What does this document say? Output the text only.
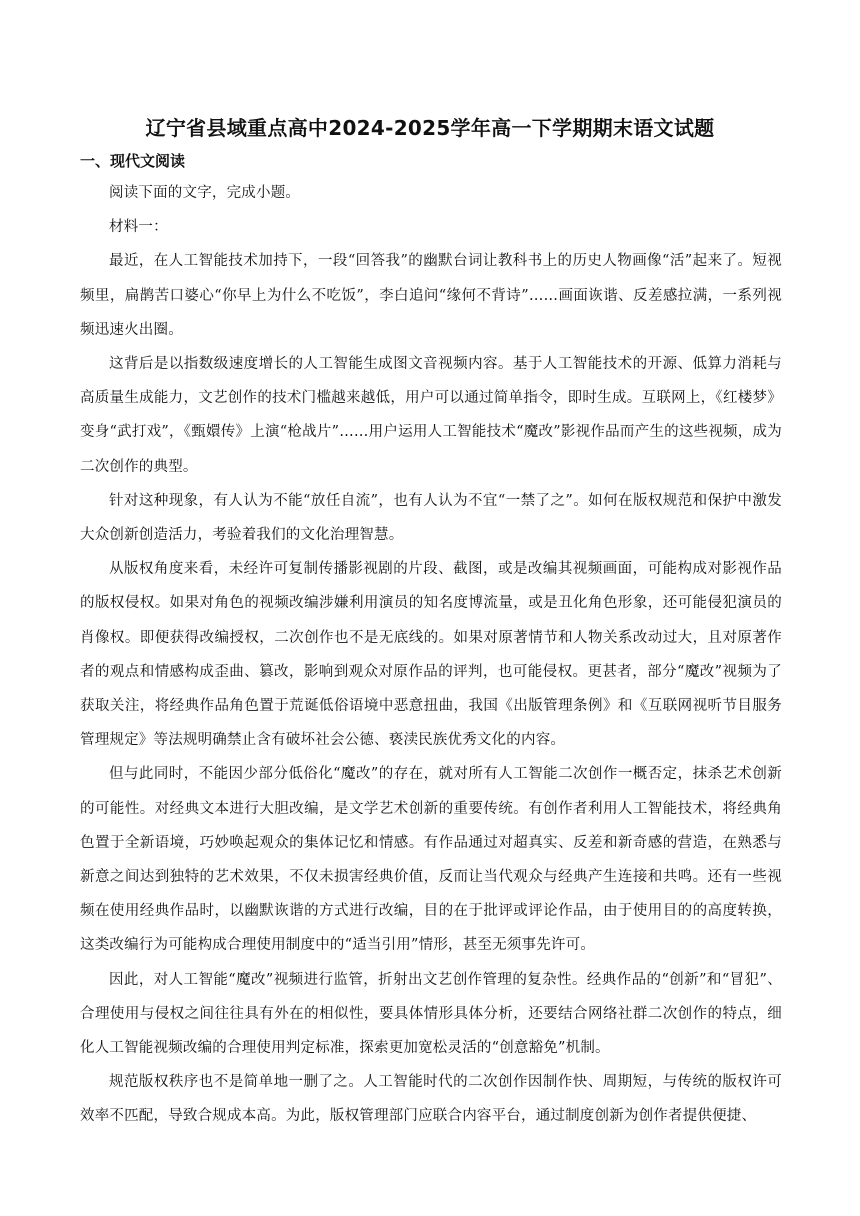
辽宁省县域重点高中2024-2025学年高一下学期期末语文试题
一、现代文阅读

阅读下面的文字，完成小题。

材料一：

最近，在人工智能技术加持下，一段“回答我”的幽默台词让教科书上的历史人物画像“活”起来了。短视频里，扁鹊苦口婆心“你早上为什么不吃饭”，李白追问“缘何不背诗”……画面诙谐、反差感拉满，一系列视频迅速火出圈。

这背后是以指数级速度增长的人工智能生成图文音视频内容。基于人工智能技术的开源、低算力消耗与高质量生成能力，文艺创作的技术门槛越来越低，用户可以通过简单指令，即时生成。互联网上，《红楼梦》变身“武打戏”，《甄嬛传》上演“枪战片”……用户运用人工智能技术“魔改”影视作品而产生的这些视频，成为二次创作的典型。

针对这种现象，有人认为不能“放任自流”，也有人认为不宜“一禁了之”。如何在版权规范和保护中激发大众创新创造活力，考验着我们的文化治理智慧。

从版权角度来看，未经许可复制传播影视剧的片段、截图，或是改编其视频画面，可能构成对影视作品的版权侵权。如果对角色的视频改编涉嫌利用演员的知名度博流量，或是丑化角色形象，还可能侵犯演员的肖像权。即便获得改编授权，二次创作也不是无底线的。如果对原著情节和人物关系改动过大，且对原著作者的观点和情感构成歪曲、篡改，影响到观众对原作品的评判，也可能侵权。更甚者，部分“魔改”视频为了获取关注，将经典作品角色置于荒诞低俗语境中恶意扭曲，我国《出版管理条例》和《互联网视听节目服务管理规定》等法规明确禁止含有破坏社会公德、亵渎民族优秀文化的内容。

但与此同时，不能因少部分低俗化“魔改”的存在，就对所有人工智能二次创作一概否定，抹杀艺术创新的可能性。对经典文本进行大胆改编，是文学艺术创新的重要传统。有创作者利用人工智能技术，将经典角色置于全新语境，巧妙唤起观众的集体记忆和情感。有作品通过对超真实、反差和新奇感的营造，在熟悉与新意之间达到独特的艺术效果，不仅未损害经典价值，反而让当代观众与经典产生连接和共鸣。还有一些视频在使用经典作品时，以幽默诙谐的方式进行改编，目的在于批评或评论作品，由于使用目的的高度转换，这类改编行为可能构成合理使用制度中的“适当引用”情形，甚至无须事先许可。

因此，对人工智能“魔改”视频进行监管，折射出文艺创作管理的复杂性。经典作品的“创新”和“冒犯”、合理使用与侵权之间往往具有外在的相似性，要具体情形具体分析，还要结合网络社群二次创作的特点，细化人工智能视频改编的合理使用判定标准，探索更加宽松灵活的“创意豁免”机制。

规范版权秩序也不是简单地一删了之。人工智能时代的二次创作因制作快、周期短，与传统的版权许可效率不匹配，导致合规成本高。为此，版权管理部门应联合内容平台，通过制度创新为创作者提供便捷、
